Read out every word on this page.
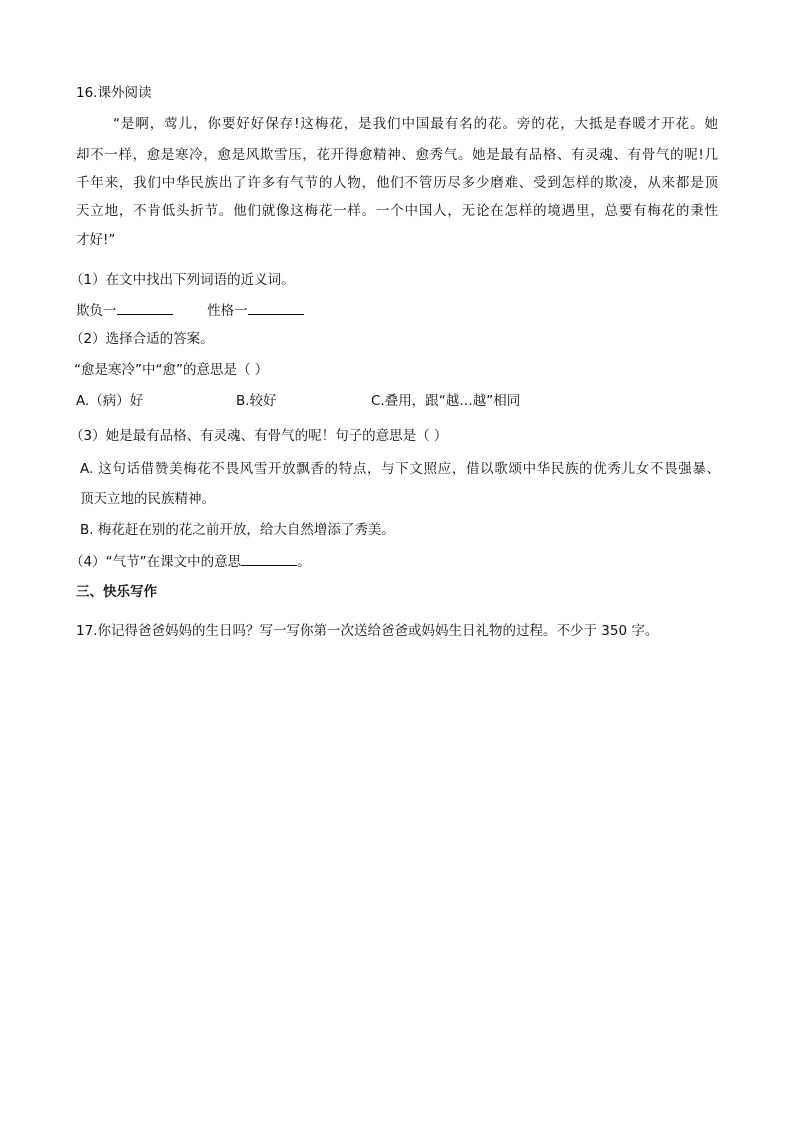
16.课外阅读
“是啊，莺儿，你要好好保存!这梅花，是我们中国最有名的花。旁的花，大抵是春暖才开花。她
却不一样，愈是寒冷，愈是风欺雪压，花开得愈精神、愈秀气。她是最有品格、有灵魂、有骨气的呢!几
千年来，我们中华民族出了许多有气节的人物，他们不管历尽多少磨难、受到怎样的欺凌，从来都是顶
天立地，不肯低头折节。他们就像这梅花一样。一个中国人，无论在怎样的境遇里，总要有梅花的秉性
才好!”
（1）在文中找出下列词语的近义词。
欺负一	性格一
（2）选择合适的答案。
“愈是寒冷”中“愈”的意思是（ ）
A.（病）好	B.较好	C.叠用，跟“越…越”相同
（3）她是最有品格、有灵魂、有骨气的呢！句子的意思是（ ）
A. 这句话借赞美梅花不畏风雪开放飘香的特点，与下文照应，借以歌颂中华民族的优秀儿女不畏强暴、
顶天立地的民族精神。
B. 梅花赶在别的花之前开放，给大自然增添了秀美。
（4）“气节”在课文中的意思	。
三、快乐写作
17.你记得爸爸妈妈的生日吗？写一写你第一次送给爸爸或妈妈生日礼物的过程。不少于 350 字。
